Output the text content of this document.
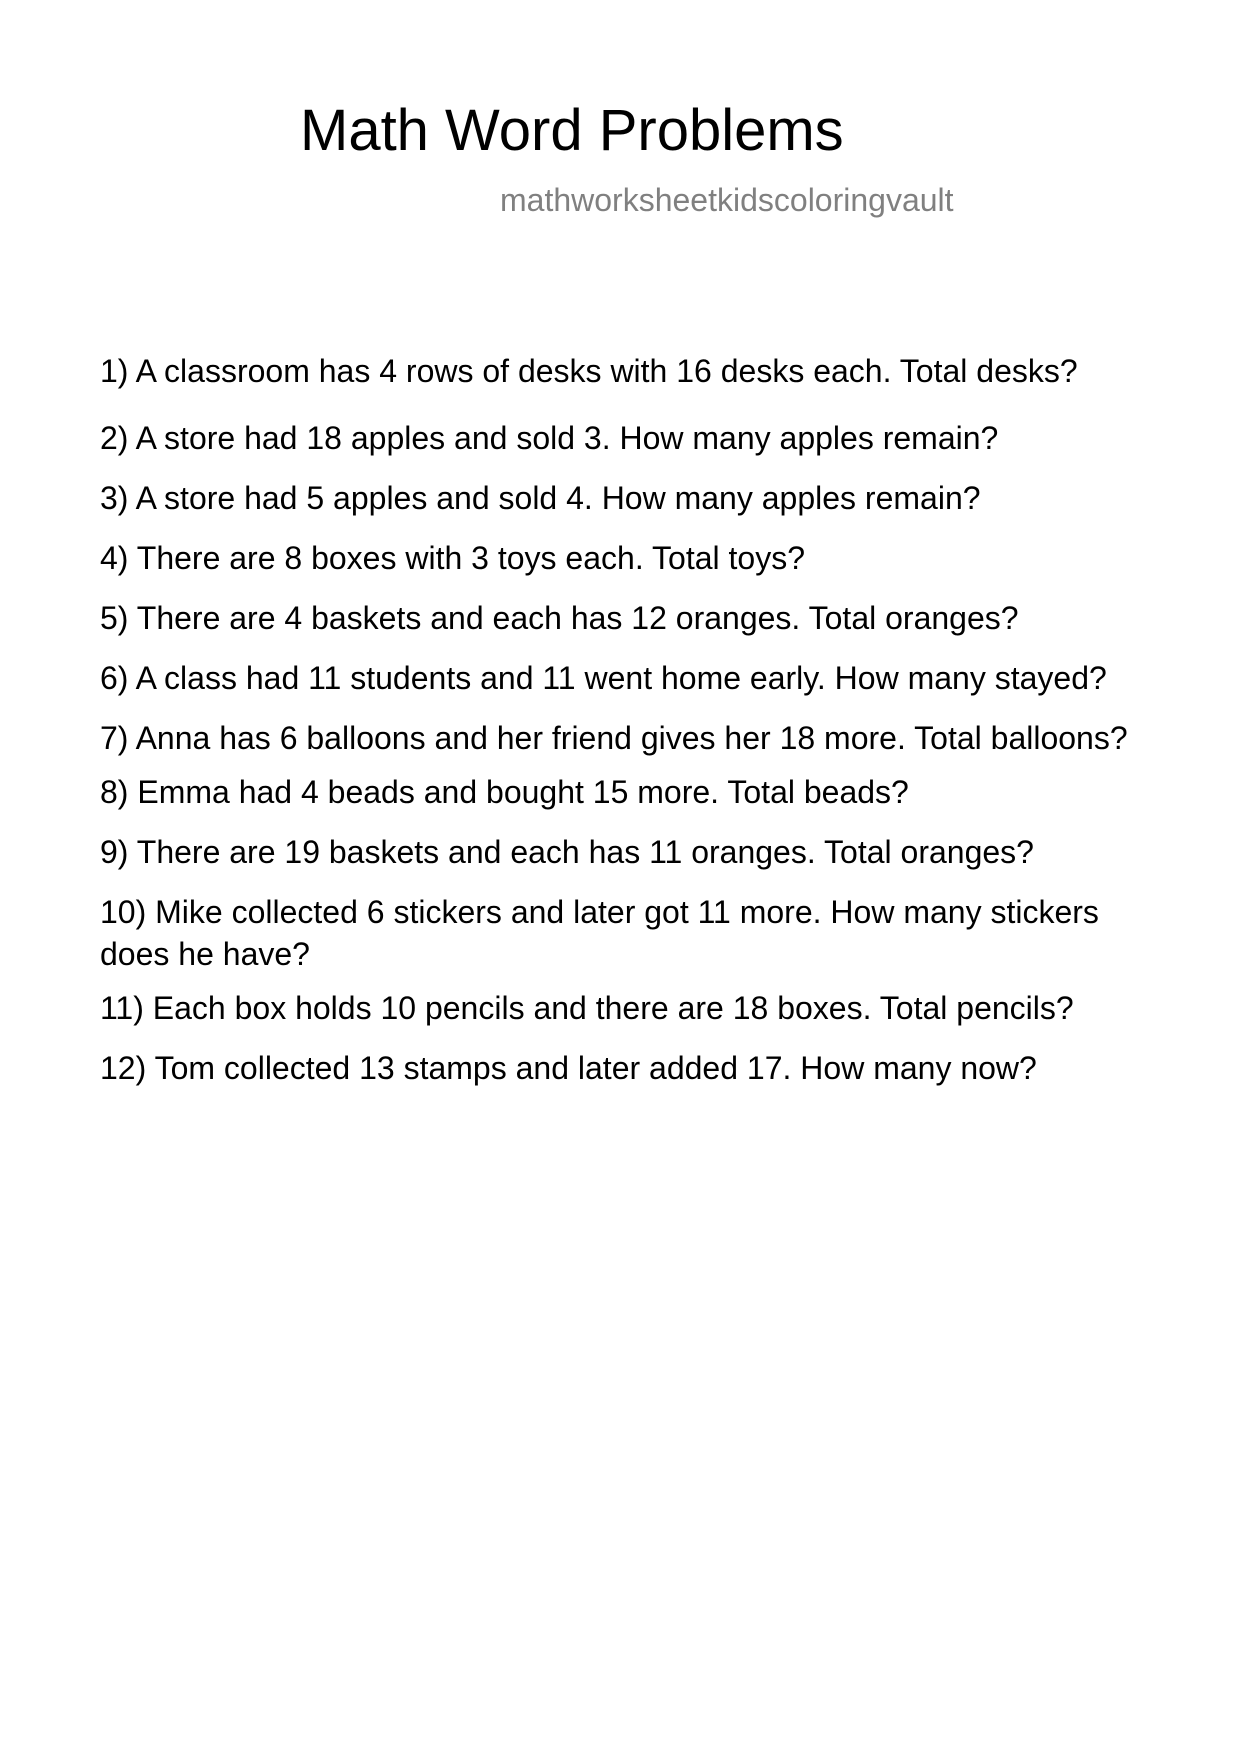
Math Word Problems
mathworksheetkidscoloringvault
1) A classroom has 4 rows of desks with 16 desks each. Total desks?
2) A store had 18 apples and sold 3. How many apples remain?
3) A store had 5 apples and sold 4. How many apples remain?
4) There are 8 boxes with 3 toys each. Total toys?
5) There are 4 baskets and each has 12 oranges. Total oranges?
6) A class had 11 students and 11 went home early. How many stayed?
7) Anna has 6 balloons and her friend gives her 18 more. Total balloons?
8) Emma had 4 beads and bought 15 more. Total beads?
9) There are 19 baskets and each has 11 oranges. Total oranges?
10) Mike collected 6 stickers and later got 11 more. How many stickers does he have?
11) Each box holds 10 pencils and there are 18 boxes. Total pencils?
12) Tom collected 13 stamps and later added 17. How many now?
